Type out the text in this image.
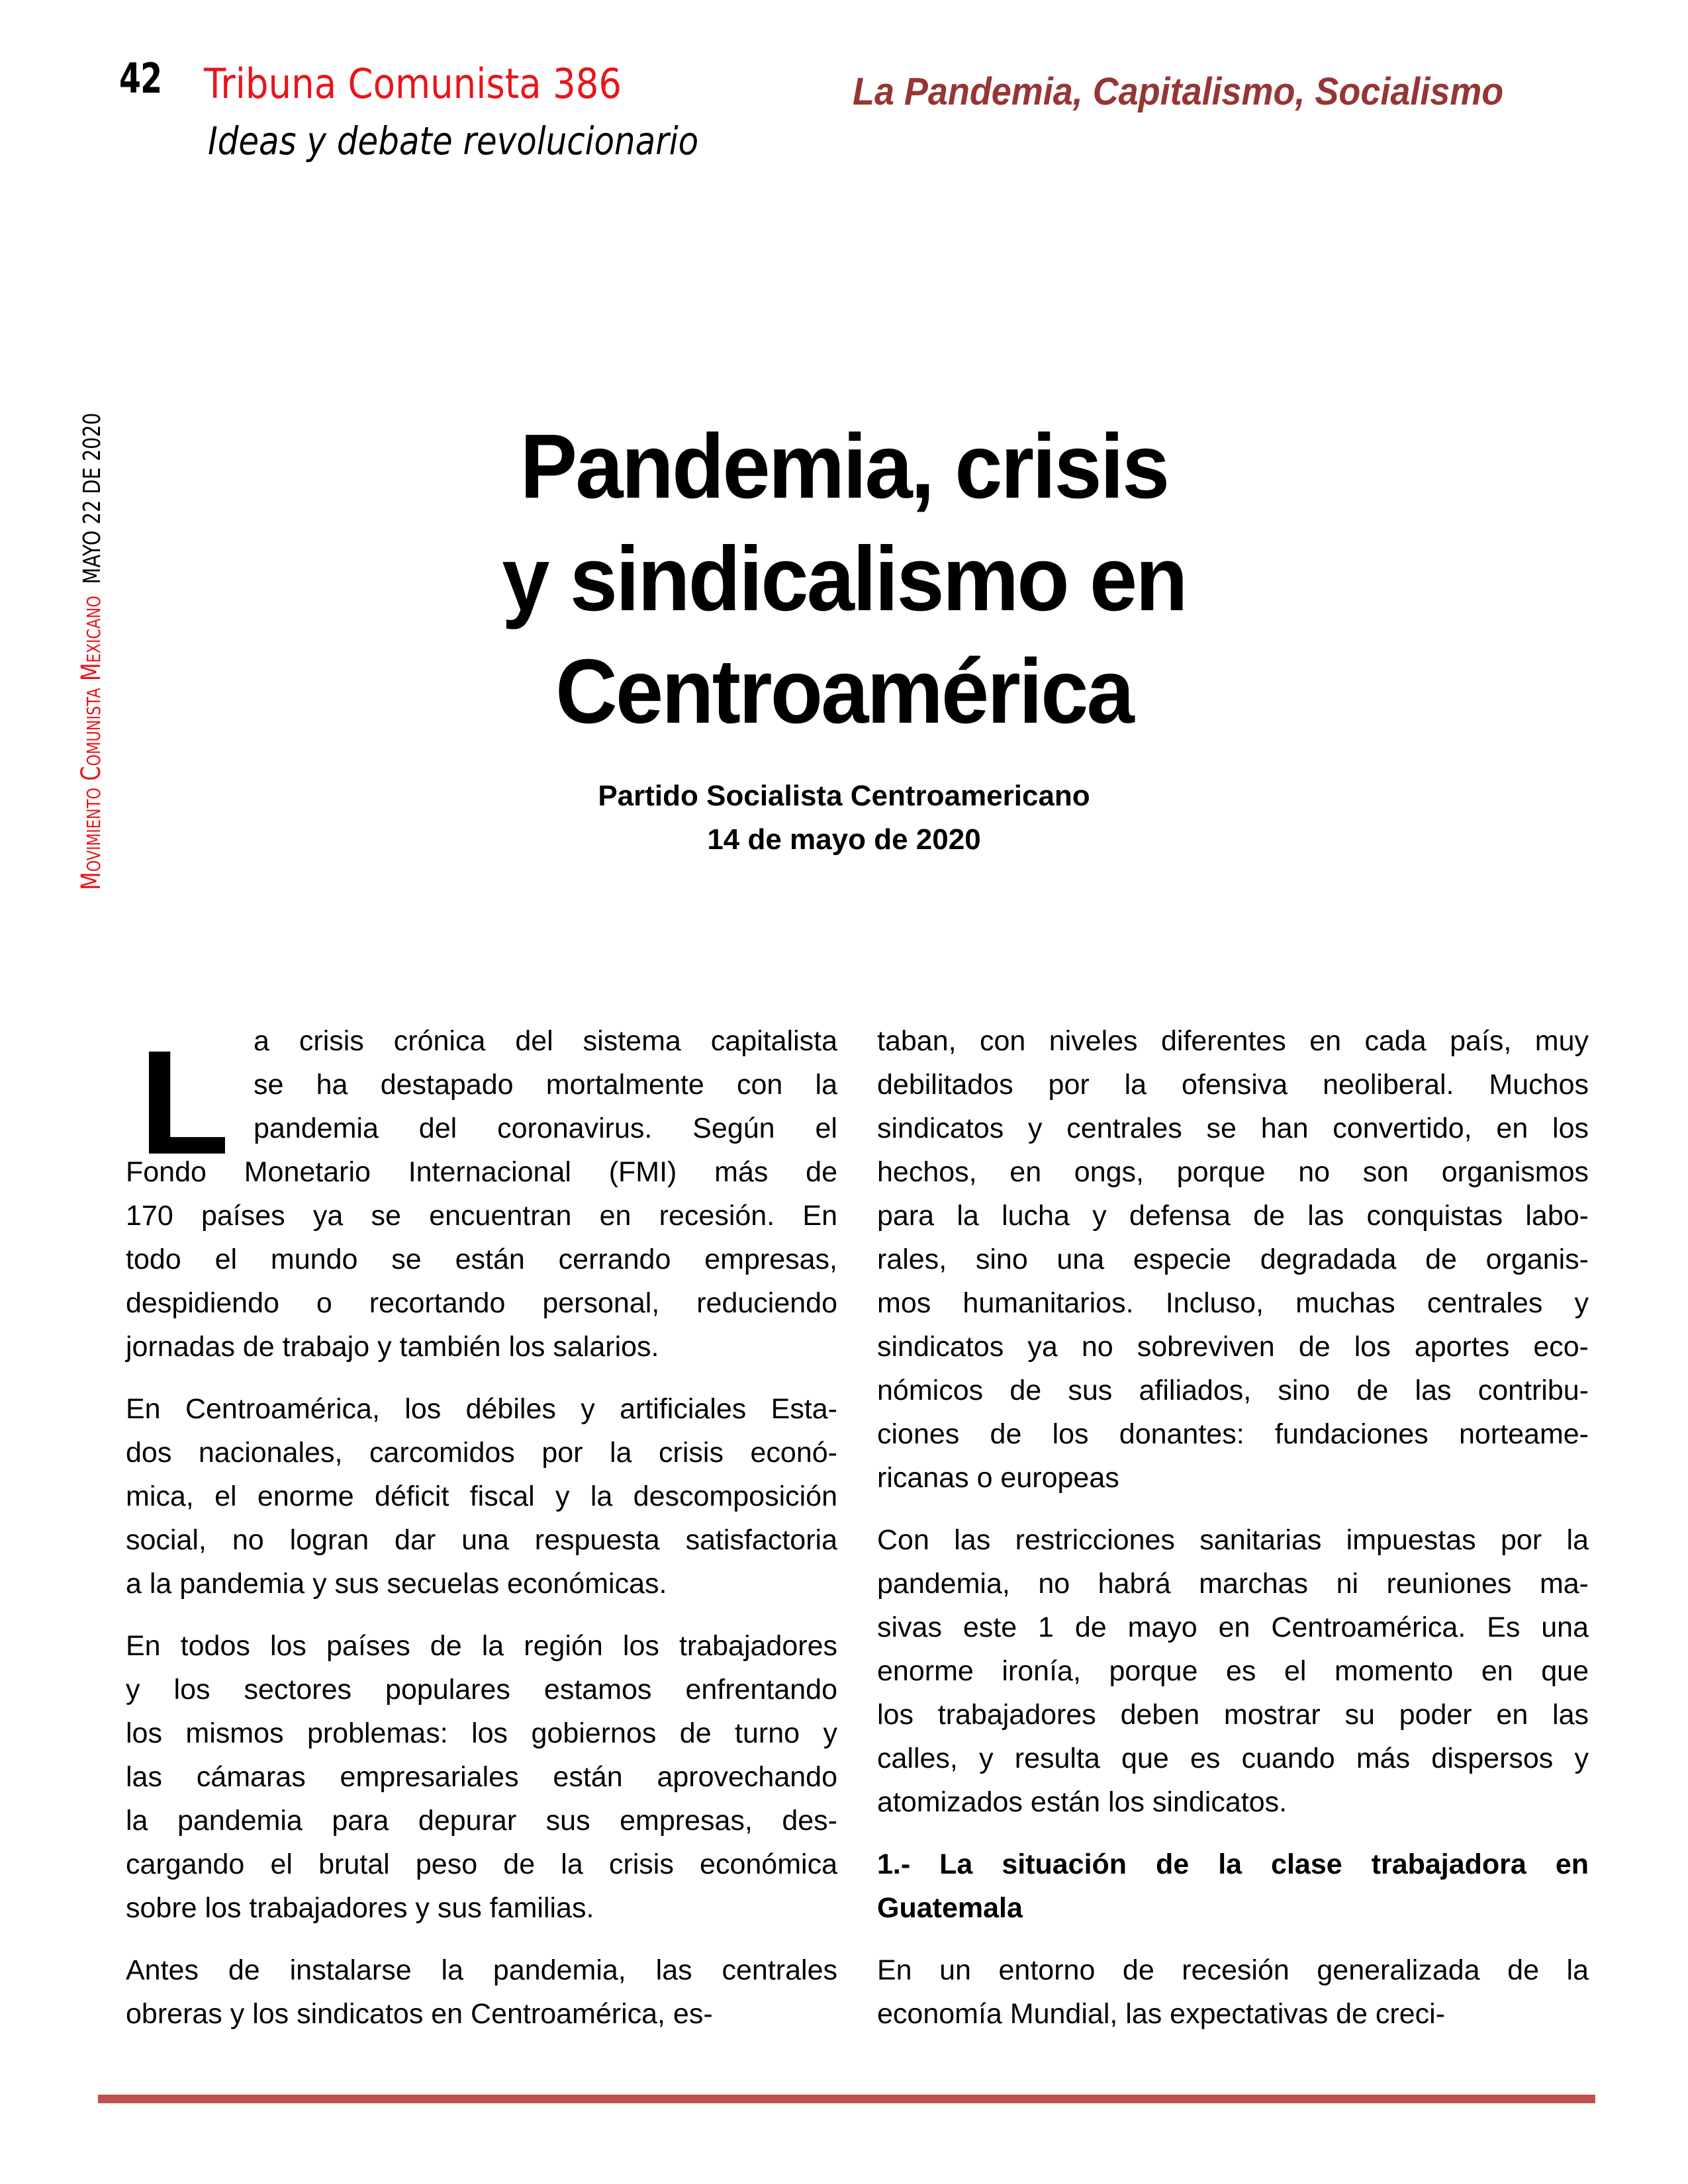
42 Tribuna Comunista 386
Ideas y debate revolucionario
La Pandemia, Capitalismo, Socialismo
Movimiento Comunista MexicanoMAYO 22 DE 2020	Pandemia, crisis
y sindicalismo en
Centroamérica
Partido Socialista Centroamericano
14 de mayo de 2020
L a crisis crónica del sistema capitalista
se ha destapado mortalmente con la
pandemia del coronavirus. Según el
Fondo Monetario Internacional (FMI) más de
170 países ya se encuentran en recesión. En
todo el mundo se están cerrando empresas,
despidiendo o recortando personal, reduciendo
jornadas de trabajo y también los salarios.
En Centroamérica, los débiles y artificiales Esta-
dos nacionales, carcomidos por la crisis econó-
mica, el enorme déficit fiscal y la descomposición
social, no logran dar una respuesta satisfactoria
a la pandemia y sus secuelas económicas.
En todos los países de la región los trabajadores
y los sectores populares estamos enfrentando
los mismos problemas: los gobiernos de turno y
las cámaras empresariales están aprovechando
la pandemia para depurar sus empresas, des-
cargando el brutal peso de la crisis económica
sobre los trabajadores y sus familias.
Antes de instalarse la pandemia, las centrales
obreras y los sindicatos en Centroamérica, es-
taban, con niveles diferentes en cada país, muy
debilitados por la ofensiva neoliberal. Muchos
sindicatos y centrales se han convertido, en los
hechos, en ongs, porque no son organismos
para la lucha y defensa de las conquistas labo-
rales, sino una especie degradada de organis-
mos humanitarios. Incluso, muchas centrales y
sindicatos ya no sobreviven de los aportes eco-
nómicos de sus afiliados, sino de las contribu-
ciones de los donantes: fundaciones norteame-
ricanas o europeas
Con las restricciones sanitarias impuestas por la
pandemia, no habrá marchas ni reuniones ma-
sivas este 1 de mayo en Centroamérica. Es una
enorme ironía, porque es el momento en que
los trabajadores deben mostrar su poder en las
calles, y resulta que es cuando más dispersos y
atomizados están los sindicatos.
1.- La situación de la clase trabajadora en
Guatemala
En un entorno de recesión generalizada de la
economía Mundial, las expectativas de creci-
